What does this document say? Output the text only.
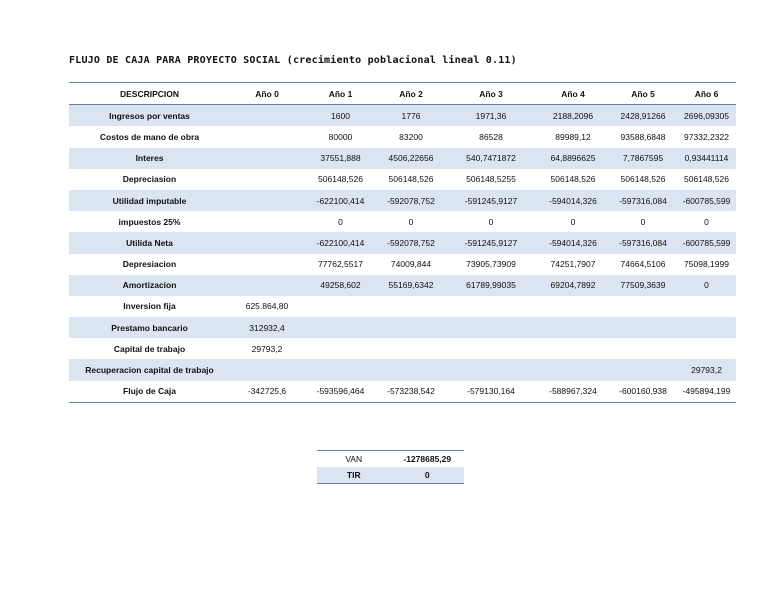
FLUJO DE CAJA PARA PROYECTO SOCIAL (crecimiento poblacional lineal 0.11)
DESCRIPCION	Año 0	Año 1	Año 2	Año 3	Año 4	Año 5	Año 6
Ingresos por ventas		1600	1776	1971,36	2188,2096	2428,91266	2696,09305
Costos de mano de obra		80000	83200	86528	89989,12	93588,6848	97332,2322
Interes		37551,888	4506,22656	540,7471872	64,8896625	7,7867595	0,93441114
Depreciasion		506148,526	506148,526	506148,5255	506148,526	506148,526	506148,526
Utilidad imputable		-622100,414	-592078,752	-591245,9127	-594014,326	-597316,084	-600785,599
impuestos 25%		0	0	0	0	0	0
Utilida Neta		-622100,414	-592078,752	-591245,9127	-594014,326	-597316,084	-600785,599
Depresiacion		77762,5517	74009,844	73905,73909	74251,7907	74664,5106	75098,1999
Amortizacion		49258,602	55169,6342	61789,99035	69204,7892	77509,3639	0
Inversion fija	625.864,80						
Prestamo bancario	312932,4						
Capital de trabajo	29793,2						
Recuperacion capital de trabajo							29793,2
Flujo de Caja	-342725,6	-593596,464	-573238,542	-579130,164	-588967,324	-600160,938	-495894,199
VAN	-1278685,29
TIR	0
